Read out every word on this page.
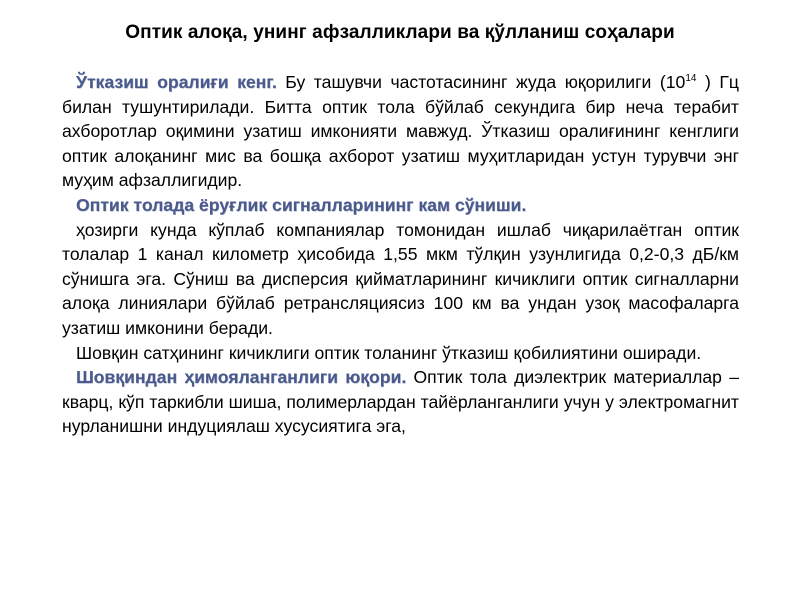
Оптик алоқа, унинг афзалликлари ва қўлланиш соҳалари

Ўтказиш оралиғи кенг. Бу ташувчи частотасининг жуда юқорилиги ($10^{14}$ ) Гц билан тушунтирилади. Битта оптик тола бўйлаб секундига бир неча терабит ахборотлар оқимини узатиш имконияти мавжуд. Ўтказиш оралиғининг кенглиги оптик алоқанинг мис ва бошқа ахборот узатиш муҳитларидан устун турувчи энг муҳим афзаллигидир.

Оптик толада ёруғлик сигналларининг кам сўниши.

ҳозирги кунда кўплаб компаниялар томонидан ишлаб чиқарилаётган оптик толалар 1 канал километр ҳисобида 1,55 мкм тўлқин узунлигида 0,2-0,3 дБ/км сўнишга эга. Сўниш ва дисперсия қийматларининг кичиклиги оптик сигналларни алоқа линиялари бўйлаб ретрансляциясиз 100 км ва ундан узоқ масофаларга узатиш имконини беради.

Шовқин сатҳининг кичиклиги оптик толанинг ўтказиш қобилиятини оширади.

Шовқиндан ҳимояланганлиги юқори. Оптик тола диэлектрик материаллар – кварц, кўп таркибли шиша, полимерлардан тайёрланганлиги учун у электромагнит нурланишни индуциялаш хусусиятига эга,
